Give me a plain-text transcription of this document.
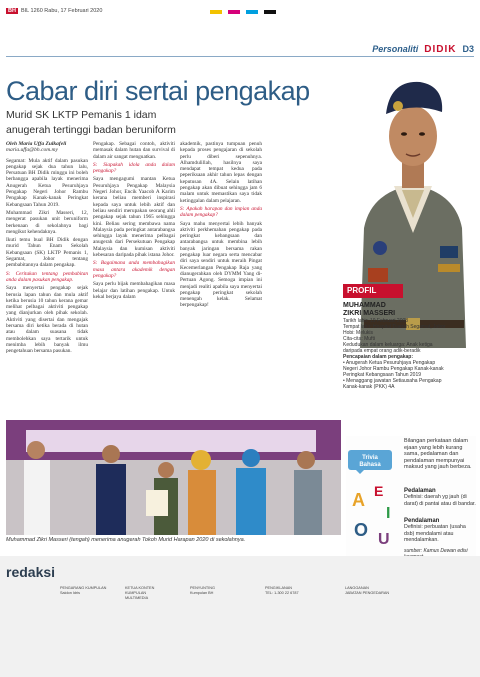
BH BIL 1260 Rabu, 17 Februari 2020
Personaliti DIDIK D3
Cabar diri sertai pengakap
Murid SK LKTP Pemanis 1 idam
anugerah tertinggi badan beruniform
Oleh Maria Uffa Zulkafeli
maria.uffa@bh.com.my

Segamat: Mula aktif dalam pasukan pengakap sejak dua tahun lalu, Persatuan BH Didik minggu ini boleh berbangga apabila layak menerima Anugerah Ketua Pesuruhjaya Pengakap Negeri Johor Rambu Pengakap Kanak-kanak Peringkat Kebangsaan Tahun 2019.

Muhammad Zikri Masseri, 12, mengerat pasukan unit beruniform berkenaan di sekolahnya bagi mengikut kehendaknya.

Ikuti temu bual BH Didik dengan murid Tahun Enam Sekolah Kebangsaan (SK) LKTP Pemanis 1, Segamat, Johor tentang pembabitannya dalam pengakap.

S: Ceritakan tentang pembabitan anda dalam pasukan pengakap.

Saya menyertai pengakap sejak berusia lapan tahun dan mula aktif ketika berusia 10 tahun kerana gemar melihat pelbagai aktiviti pengakap yang dianjurkan oleh pihak sekolah. Aktiviti yang disertai dan mengajak bersama diri ketika berada di hutan atau dalam suasana tidak membolehkan saya tertarik untuk menimba lebih banyak ilmu pengetahuan bersama pasukan.

Pengakap. Sebagai contoh, aktiviti memasak dalam hutan dan survival di dalam air sangat menguatkan.

S: Siapakah idola anda dalam pengakap?

Saya mengagumi mantan Ketua Pesuruhjaya Pengakap Malaysia Negeri Johor, Encik Yaacob A Karim kerana beliau memberi inspirasi kepada saya untuk lebih aktif dan beliau sendiri merupakan seorang ahli pengakap sejak tahun 1965 sehingga kini. Beliau sering membawa nama Malaysia pada peringkat antarabangsa sehingga layak menerima pelbagai anugerah dari Persekutuan Pengakap Malaysia dan kumisan aktiviti kebesaran daripada pihak istana Johor.

S: Bagaimana anda membahagikan masa antara akademik dengan pengakap?

Saya perlu bijak membahagikan masa belajar dan latihan pengakap. Untuk kekal berjaya dalam

akademik, pastinya tumpuan penuh kepada proses pengajaran di sekolah perlu diberi sepenuhnya. Alhamdulillah, hasilnya saya mendapat tempat kedua pada peperiksaan akhir tahun lepas dengan keputusan 4A. Selain latihan pengakap akan dibuat sehingga jam 6 malam untuk memastikan saya tidak ketinggalan dalam pelajaran.

S: Apakah harapan dan impian anda dalam pengakap?

Saya mahu menyertai lebih banyak aktiviti perkhemahan pengakap pada peringkat kebangsaan dan antarabangsa untuk membina lebih banyak jaringan bersama rakan pengakap luar negara serta mencabar diri saya sendiri untuk meraih Pingat Kecemerlangan Pengakap Raja yang dianugerahkan oleh DYMM Yang di-Pertuan Agong. Semoga impian ini menjadi realiti apabila saya menyertai pengakap peringkat sekolah menengah kelak. Selamat berpengakap!

PROFIL
MUHAMMAD
ZIKRI MASSERI
Tarikh lahir: 19 Februari 2008
Tempat lahir: Hospital Daerah Segamat, Johor
Hobi: Melukis
Cita-cita: Mufti
Kedudukan dalam keluarga: Anak ketiga daripada empat orang adik-beradik
Pencapaian dalam pengakap:
• Anugerah Ketua Pesuruhjaya Pengakap Negeri Johor Rambu Pengakap Kanak-kanak Peringkat Kebangsaan Tahun 2019
• Menaggang jawatan Setiausaha Pengakap Kanak-kanak (PKK) 4A
Muhammad Zikri Masseri (tengah) menerima anugerah Tokoh Murid Harapan 2020 di sekolahnya.
Trivia
Bahasa
Bilangan perkataan dalam ejaan yang lebih kurang sama, pedalaman dan pendalaman mempunyai maksud yang jauh berbeza.
A E
I
O U
Pedalaman
Definisi: daerah yg jauh (di darat) di pantai atau di bandar.
Pendalaman
Definisi: perbuatan (usaha dsb) mendalami atau mendalamkan.
sumber: Kamus Dewan edisi
redaksi
PENGARANG KUMPULAN
Saidon Idris
KETUA KONTEN
KUMPULAN
MULTIMEDIA
PENYUNTING
Kumpulan BH
PENGIKLANAN
TEL: 1-300 22 6787
LANGGANAN
JABATAN PENGEDARAN
